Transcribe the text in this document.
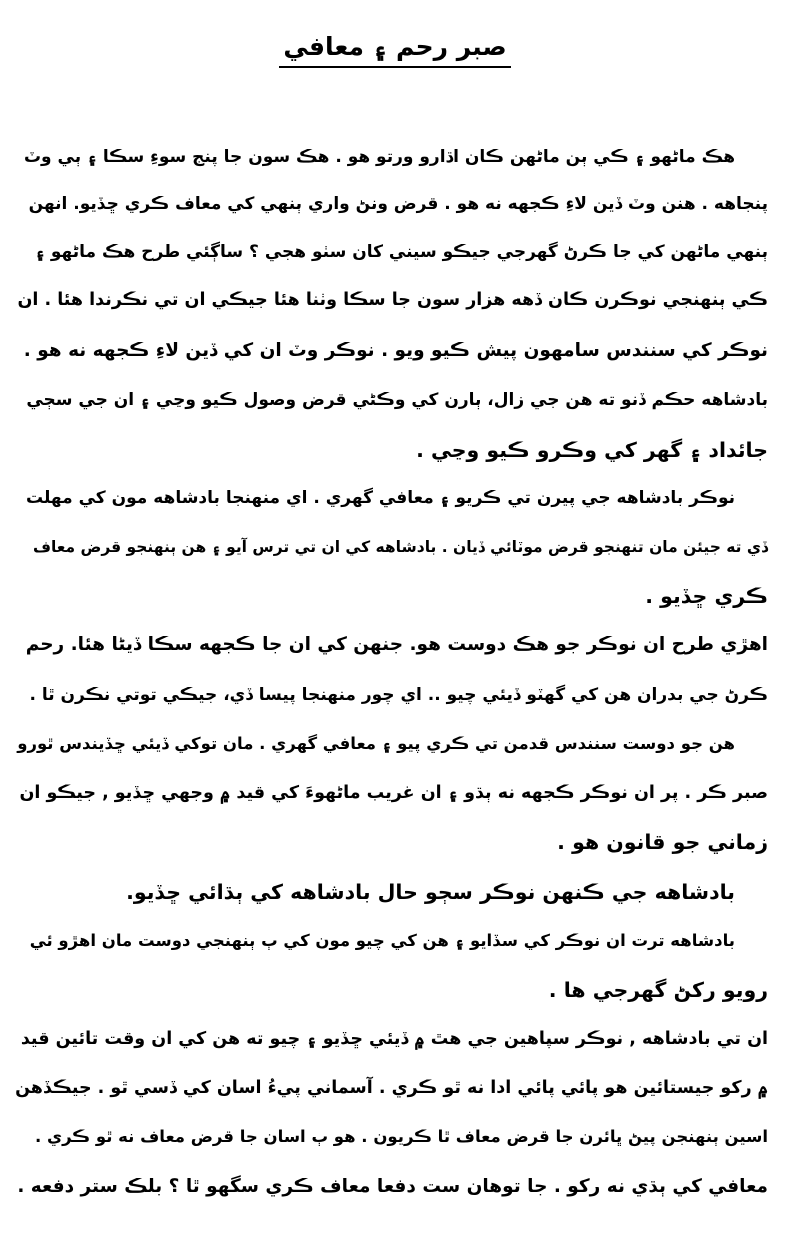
صبر رحم ۽ معافي
هڪ ماڻهو ۽ ڪي ٻن ماڻهن ڪان اڌارو ورتو هو . هڪ سون جا پنج سوءِ سڪا ۽ ٻي وٽ
پنجاهه . هنن وٽ ڏين لاءِ ڪجهه نه هو . قرض ونڻ واري ٻنهي کي معاف ڪري ڇڏيو. انهن
ٻنهي ماڻهن کي جا ڪرڻ گهرجي جيڪو سيني کان سٺو هجي ؟ ساڳئي طرح هڪ ماڻهو ۽
ڪي ٻنهنجي نوڪرن ڪان ڏهه هزار سون جا سڪا وٺنا هئا جيڪي ان تي نڪرندا هئا . ان
نوڪر کي سنندس سامهون پيش ڪيو ويو . نوڪر وٽ ان کي ڏين لاءِ ڪجهه نه هو .
بادشاهه حڪم ڏنو ته هن جي زال، ٻارن کي وڪڻي قرض وصول ڪيو وڃي ۽ ان جي سڄي
جائداد ۽ گهر کي وڪرو ڪيو وڃي .
نوڪر بادشاهه جي پيرن تي ڪريو ۽ معافي گهري . اي منهنجا بادشاهه مون کي مهلت
ڏي ته جيئن مان تنهنجو قرض موٽائي ڏيان . بادشاهه کي ان تي ترس آيو ۽ هن ٻنهنجو قرض معاف
ڪري ڇڏيو .
اهڙي طرح ان نوڪر جو هڪ دوست هو. جنهن کي ان جا ڪجهه سڪا ڏيڻا هئا. رحم
ڪرڻ جي بدران هن کي گهٽو ڏيئي چيو .. اي چور منهنجا پيسا ڏي، جيڪي توتي نڪرن ٿا .
هن جو دوست سنندس قدمن تي ڪري پيو ۽ معافي گهري . مان توکي ڏيئي ڇڏيندس ٿورو
صبر ڪر . پر ان نوڪر ڪجهه نه ٻڌو ۽ ان غريب ماڻهوءَ کي قيد ۾ وجهي ڇڏيو , جيڪو ان
زماني جو قانون هو .
بادشاهه جي ڪنهن نوڪر سڄو حال بادشاهه کي ٻڌائي ڇڏيو.
بادشاهه ترت ان نوڪر کي سڏايو ۽ هن کي چيو مون کي ٻ ٻنهنجي دوست مان اهڙو ئي
رويو رکڻ گهرجي ها .
ان تي بادشاهه , نوڪر سپاهين جي هٿ ۾ ڏيئي ڇڏيو ۽ چيو ته هن کي ان وقت تائين قيد
۾ رکو جيستائين هو پائي پائي ادا نه ٿو ڪري . آسماني پيءُ اسان کي ڏسي ٿو . جيڪڏهن
اسين ٻنهنجن پيڻ ڀائرن جا قرض معاف ٿا ڪريون . هو ٻ اسان جا قرض معاف نه ٿو ڪري .
معافي کي ٻڌي نه رکو . جا توهان ست دفعا معاف ڪري سگهو ٿا ؟ بلڪ ستر دفعه .
